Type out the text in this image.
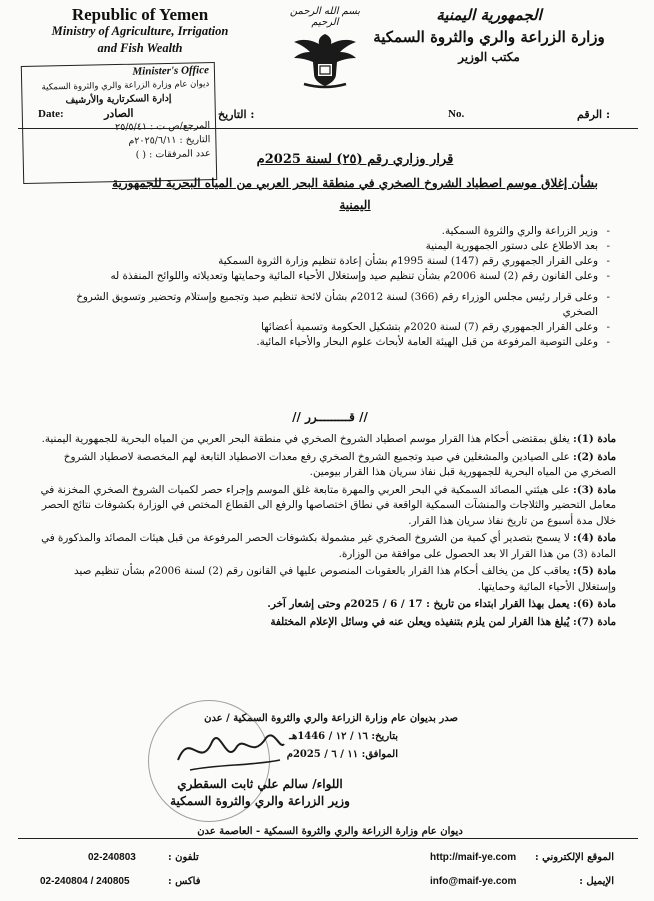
Republic of Yemen
Ministry of Agriculture, Irrigation
and Fish Wealth
بسم الله الرحمن الرحيم	الجمهورية اليمنية
وزارة الزراعة والري والثروة السمكية
مكتب الوزير
Minister's Office
ديوان عام وزارة الزراعة والري والثروة السمكية
إدارة السكرتارية والأرشيف
الصادر
المرجع/ص.ت : ٢٥/٥/٤١
التاريخ : ٢٠٢٥/٦/١١م
عدد المرفقات : ( )
التاريخ :
Date:	الرقم :
No.
قرار وزاري رقم (٢٥) لسنة 2025م
بشأن إغلاق موسم اصطياد الشروخ الصخري في منطقة البحر العربي من المياه البحرية للجمهورية اليمنية
- وزير الزراعة والري والثروة السمكية.
- بعد الاطلاع على دستور الجمهورية اليمنية
- وعلى القرار الجمهوري رقم (147) لسنة 1995م بشأن إعادة تنظيم وزارة الثروة السمكية
- وعلى القانون رقم (2) لسنة 2006م بشأن تنظيم صيد وإستغلال الأحياء المائية وحمايتها وتعديلاته واللوائح المنفذة له
- وعلى قرار رئيس مجلس الوزراء رقم (366) لسنة 2012م بشأن لائحة تنظيم صيد وتجميع وإستلام وتحضير وتسويق الشروخ الصخري
- وعلى القرار الجمهوري رقم (7) لسنة 2020م بتشكيل الحكومة وتسمية أعضائها
- وعلى التوصية المرفوعة من قبل الهيئة العامة لأبحاث علوم البحار والأحياء المائية.
// قـــــــــرر //
مادة (1): يغلق بمقتضى أحكام هذا القرار موسم اصطياد الشروخ الصخري في منطقة البحر العربي من المياه البحرية للجمهورية اليمنية.
مادة (2): على الصيادين والمشغلين في صيد وتجميع الشروخ الصخري رفع معدات الاصطياد التابعة لهم المخصصة لاصطياد الشروخ الصخري من المياه البحرية للجمهورية قبل نفاذ سريان هذا القرار بيومين.
مادة (3): على هيئتي المصائد السمكية في البحر العربي والمهرة متابعة غلق الموسم وإجراء حصر لكميات الشروخ الصخري المخزنة في معامل التحضير والثلاجات والمنشآت السمكية الواقعة في نطاق اختصاصها والرفع الى القطاع المختص في الوزارة بكشوفات نتائج الحصر خلال مدة أسبوع من تاريخ نفاذ سريان هذا القرار.
مادة (4): لا يسمح بتصدير أي كمية من الشروخ الصخري غير مشمولة بكشوفات الحصر المرفوعة من قبل هيئات المصائد والمذكورة في المادة (3) من هذا القرار الا بعد الحصول على موافقة من الوزارة.
مادة (5): يعاقب كل من يخالف أحكام هذا القرار بالعقوبات المنصوص عليها في القانون رقم (2) لسنة 2006م بشأن تنظيم صيد وإستغلال الأحياء المائية وحمايتها.
مادة (6): يعمل بهذا القرار ابتداء من تاريخ : 17 / 6 / 2025م وحتى إشعار آخر.
مادة (7): يُبلغ هذا القرار لمن يلزم بتنفيذه ويعلن عنه في وسائل الإعلام المختلفة
صدر بديوان عام وزارة الزراعة والري والثروة السمكية / عدن
بتاريخ: ١٦ / ١٢ / 1446هـ
الموافق: ١١ / ٦ / 2025م
اللواء/ سالم علي ثابت السقطري
وزير الزراعة والري والثروة السمكية
ديوان عام وزارة الزراعة والري والثروة السمكية - العاصمة عدن
الموقع الإلكتروني :
http://maif-ye.com
الإيميل :
info@maif-ye.com
تلفون :
02-240803
فاكس :
02-240804 / 240805
